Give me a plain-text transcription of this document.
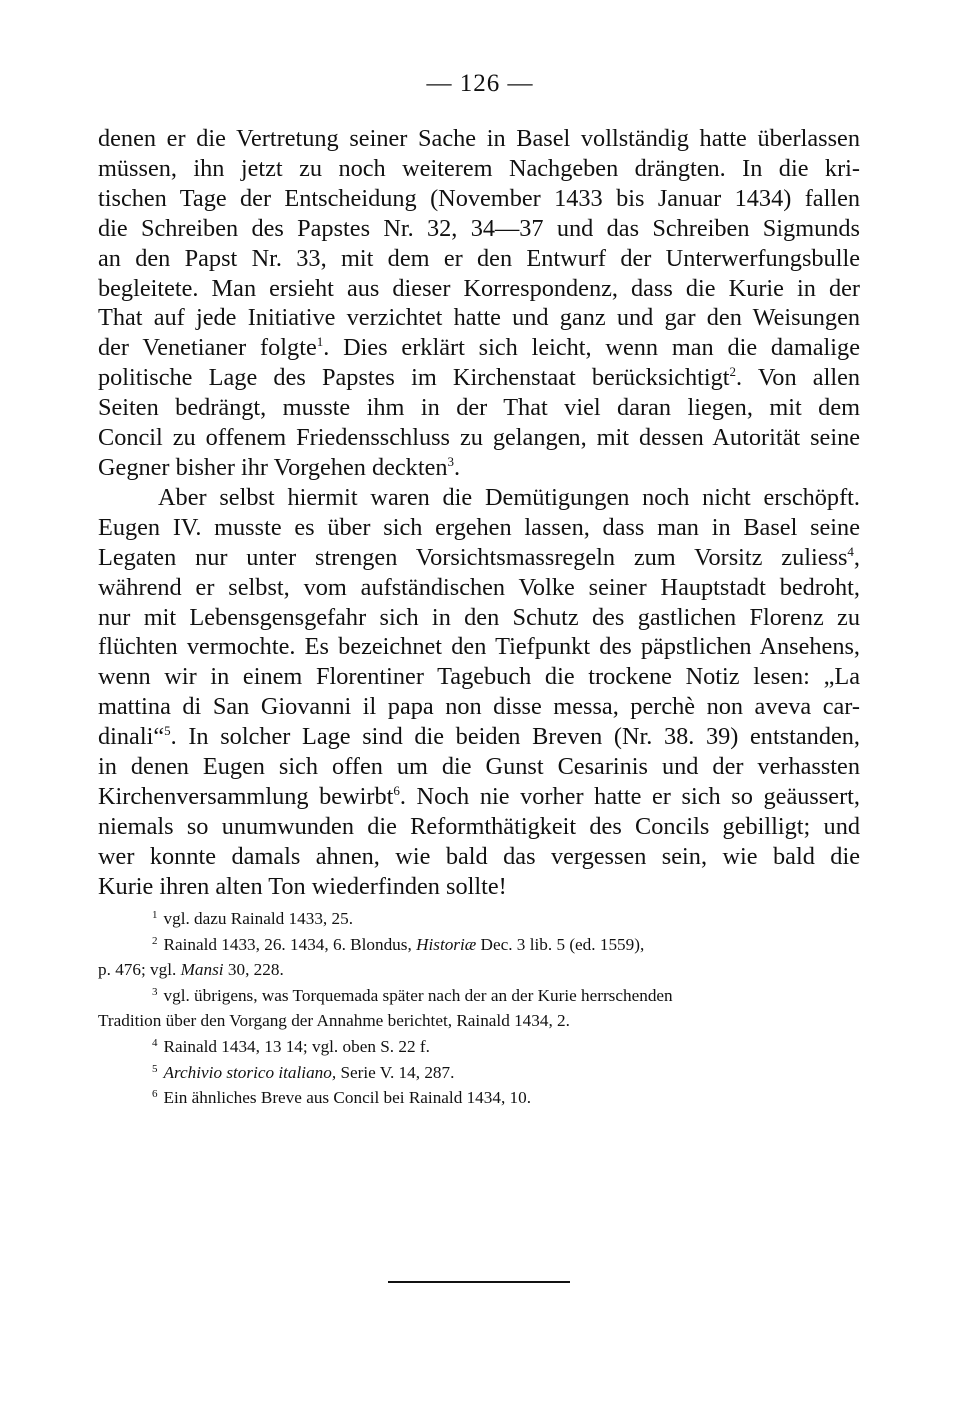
— 126 —
denen er die Vertretung seiner Sache in Basel vollständig hatte überlassen
müssen, ihn jetzt zu noch weiterem Nachgeben drängten. In die kri-
tischen Tage der Entscheidung (November 1433 bis Januar 1434) fallen
die Schreiben des Papstes Nr. 32, 34—37 und das Schreiben Sigmunds
an den Papst Nr. 33, mit dem er den Entwurf der Unterwerfungsbulle
begleitete. Man ersieht aus dieser Korrespondenz, dass die Kurie in der
That auf jede Initiative verzichtet hatte und ganz und gar den Weisungen
der Venetianer folgte$^1$. Dies erklärt sich leicht, wenn man die damalige
politische Lage des Papstes im Kirchenstaat berücksichtigt$^2$. Von allen
Seiten bedrängt, musste ihm in der That viel daran liegen, mit dem
Concil zu offenem Friedensschluss zu gelangen, mit dessen Autorität seine
Gegner bisher ihr Vorgehen deckten$^3$.
Aber selbst hiermit waren die Demütigungen noch nicht erschöpft.
Eugen IV. musste es über sich ergehen lassen, dass man in Basel seine
Legaten nur unter strengen Vorsichtsmassregeln zum Vorsitz zuliess$^4$,
während er selbst, vom aufständischen Volke seiner Hauptstadt bedroht,
nur mit Lebensgensgefahr sich in den Schutz des gastlichen Florenz zu
flüchten vermochte. Es bezeichnet den Tiefpunkt des päpstlichen Ansehens,
wenn wir in einem Florentiner Tagebuch die trockene Notiz lesen: „La
mattina di San Giovanni il papa non disse messa, perchè non aveva car-
dinali“$^5$. In solcher Lage sind die beiden Breven (Nr. 38. 39) entstanden,
in denen Eugen sich offen um die Gunst Cesarinis und der verhassten
Kirchenversammlung bewirbt$^6$. Noch nie vorher hatte er sich so geäussert,
niemals so unumwunden die Reformthätigkeit des Concils gebilligt; und
wer konnte damals ahnen, wie bald das vergessen sein, wie bald die
Kurie ihren alten Ton wiederfinden sollte!
$^1$ vgl. dazu Rainald 1433, 25.
$^2$ Rainald 1433, 26. 1434, 6. Blondus, Historiæ Dec. 3 lib. 5 (ed. 1559),
p. 476; vgl. Mansi 30, 228.
$^3$ vgl. übrigens, was Torquemada später nach der an der Kurie herrschenden
Tradition über den Vorgang der Annahme berichtet, Rainald 1434, 2.
$^4$ Rainald 1434, 13 14; vgl. oben S. 22 f.
$^5$ Archivio storico italiano, Serie V. 14, 287.
$^6$ Ein ähnliches Breve aus Concil bei Rainald 1434, 10.
